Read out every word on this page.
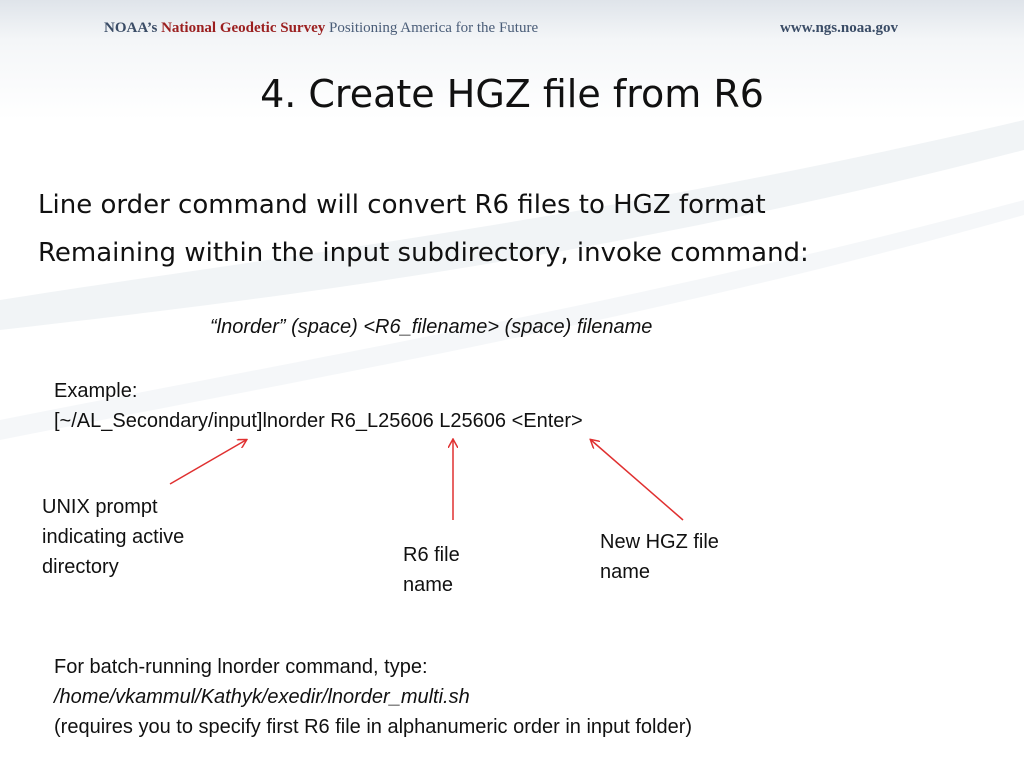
NOAA’s National Geodetic Survey Positioning America for the Future	www.ngs.noaa.gov
4. Create HGZ file from R6
Line order command will convert R6 files to HGZ format
Remaining within the input subdirectory, invoke command:
“lnorder” (space) <R6_filename> (space) filename
Example:
[~/AL_Secondary/input]lnorder R6_L25606 L25606 <Enter>
UNIX prompt indicating active directory
R6 file name
New HGZ file name
For batch-running lnorder command, type:
/home/vkammul/Kathyk/exedir/lnorder_multi.sh
(requires you to specify first R6 file in alphanumeric order in input folder)
